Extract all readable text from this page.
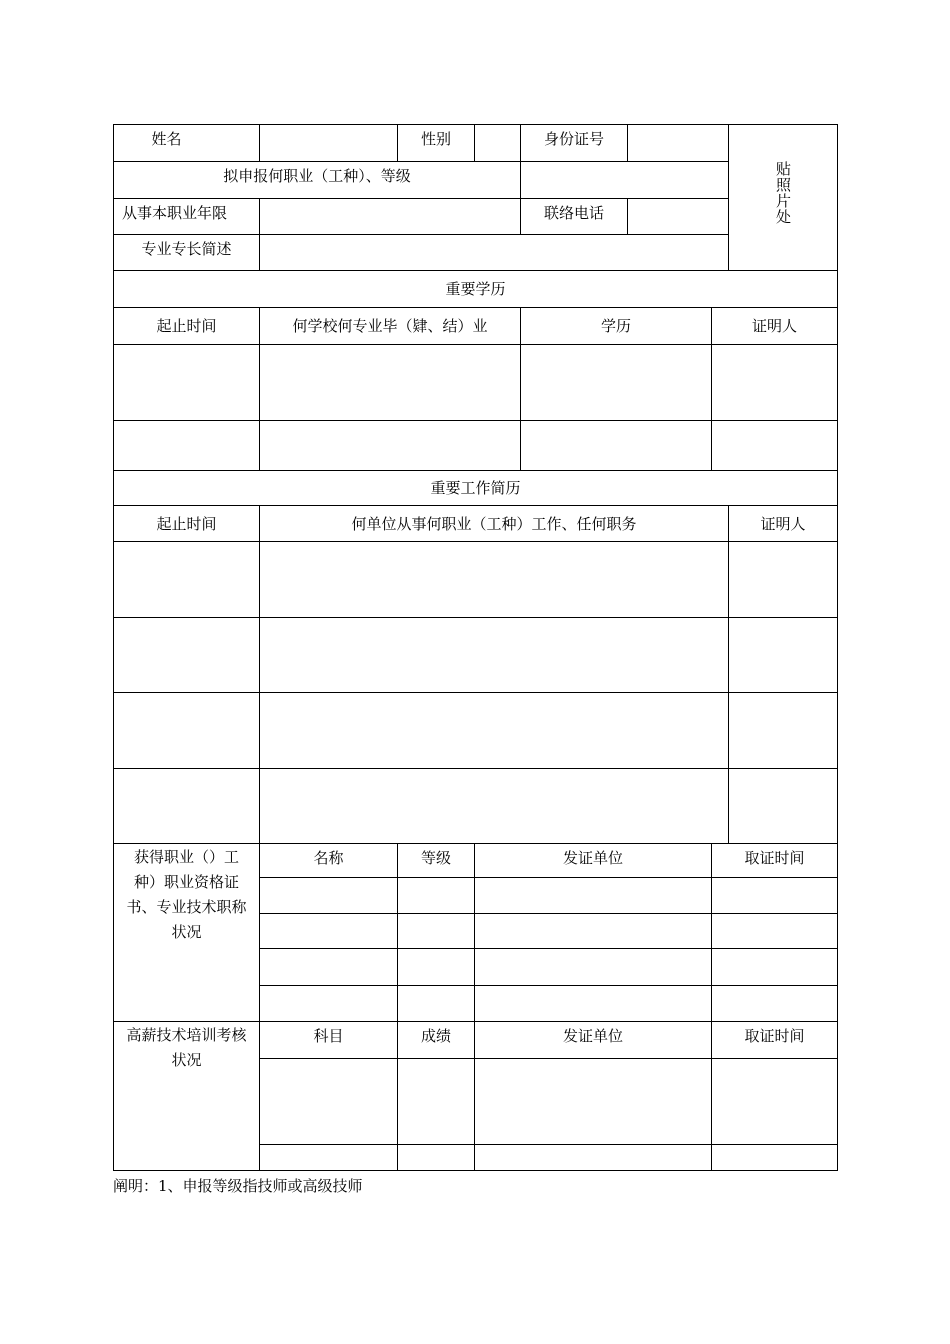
姓名		性别		身份证号			贴照片处
拟申报何职业（工种）、等级							
从事本职业年限				联络电话			
专业专长简述							
重要学历							
起止时间	何学校何专业毕（肄、结）业			学历		证明人	

重要工作简历							
起止时间	何单位从事何职业（工种）工作、任何职务						证明人

获得职业（）工种）职业资格证书、专业技术职称状况	名称	等级	发证单位			取证时间	

高薪技术培训考核状况	科目	成绩	发证单位			取证时间	

阐明：1、申报等级指技师或高级技师
